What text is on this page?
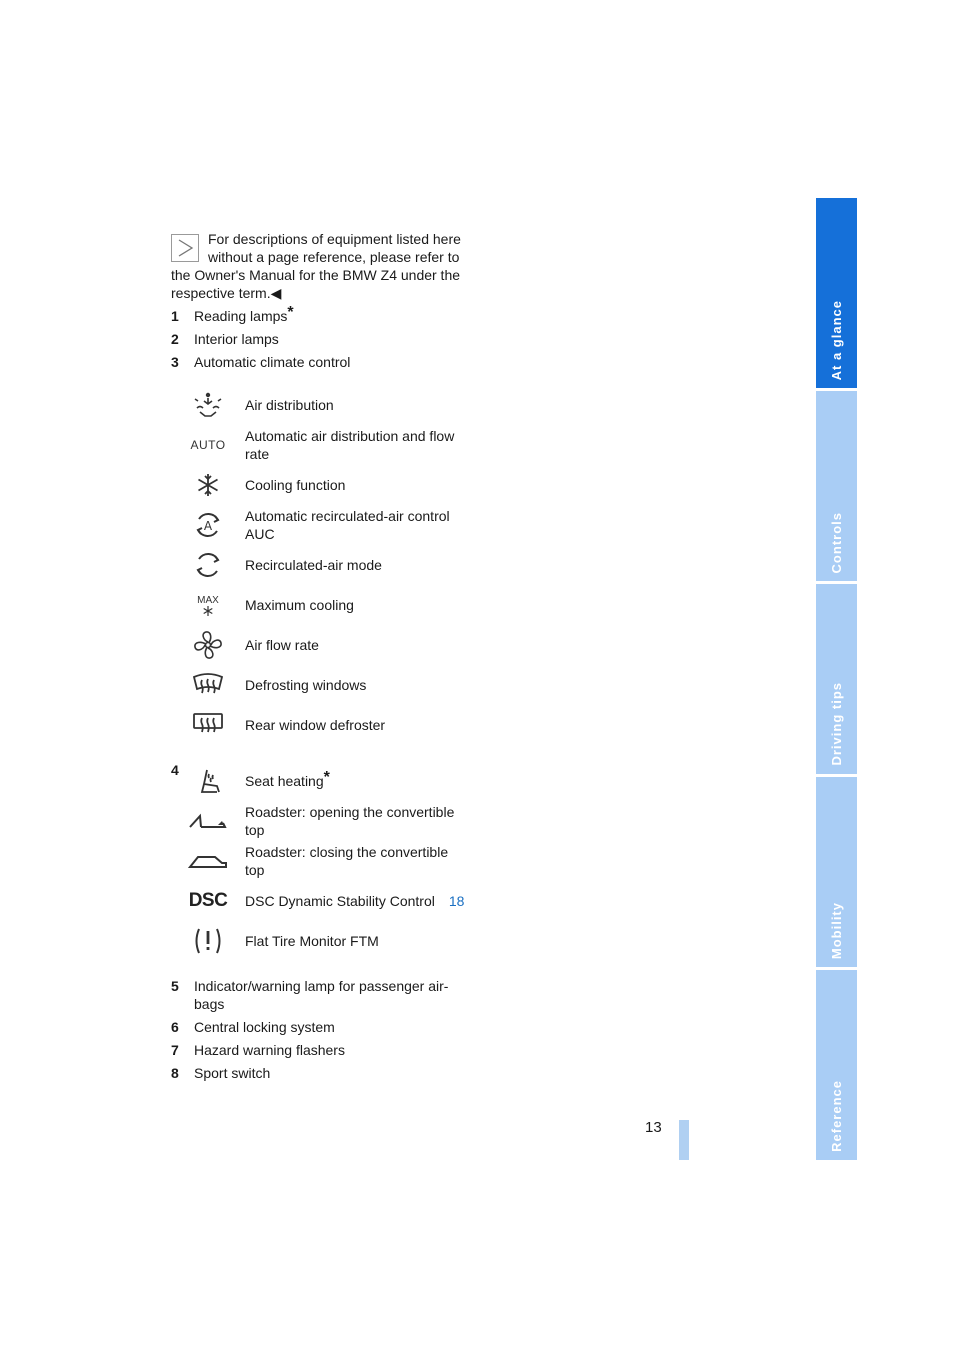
For descriptions of equipment listed here

without a page reference, please refer to

the Owner's Manual for the BMW Z4 under the

respective term.◀

1	Reading lamps*
2	Interior lamps
3	Automatic climate control
Air distribution
AUTO
Automatic air distribution and flow rate
Cooling function
A
Automatic recirculated-air control AUC
Recirculated-air mode
MAX Maximum cooling
Air flow rate
Defrosting windows
Rear window defroster
4
Seat heating*
Roadster: opening the convertible top
Roadster: closing the convertible top
DSC DSC Dynamic Stability Control 18
Flat Tire Monitor FTM
5	Indicator/warning lamp for passenger air-bags
6	Central locking system
7	Hazard warning flashers
8	Sport switch
13
At a glance
Controls
Driving tips
Mobility
Reference
